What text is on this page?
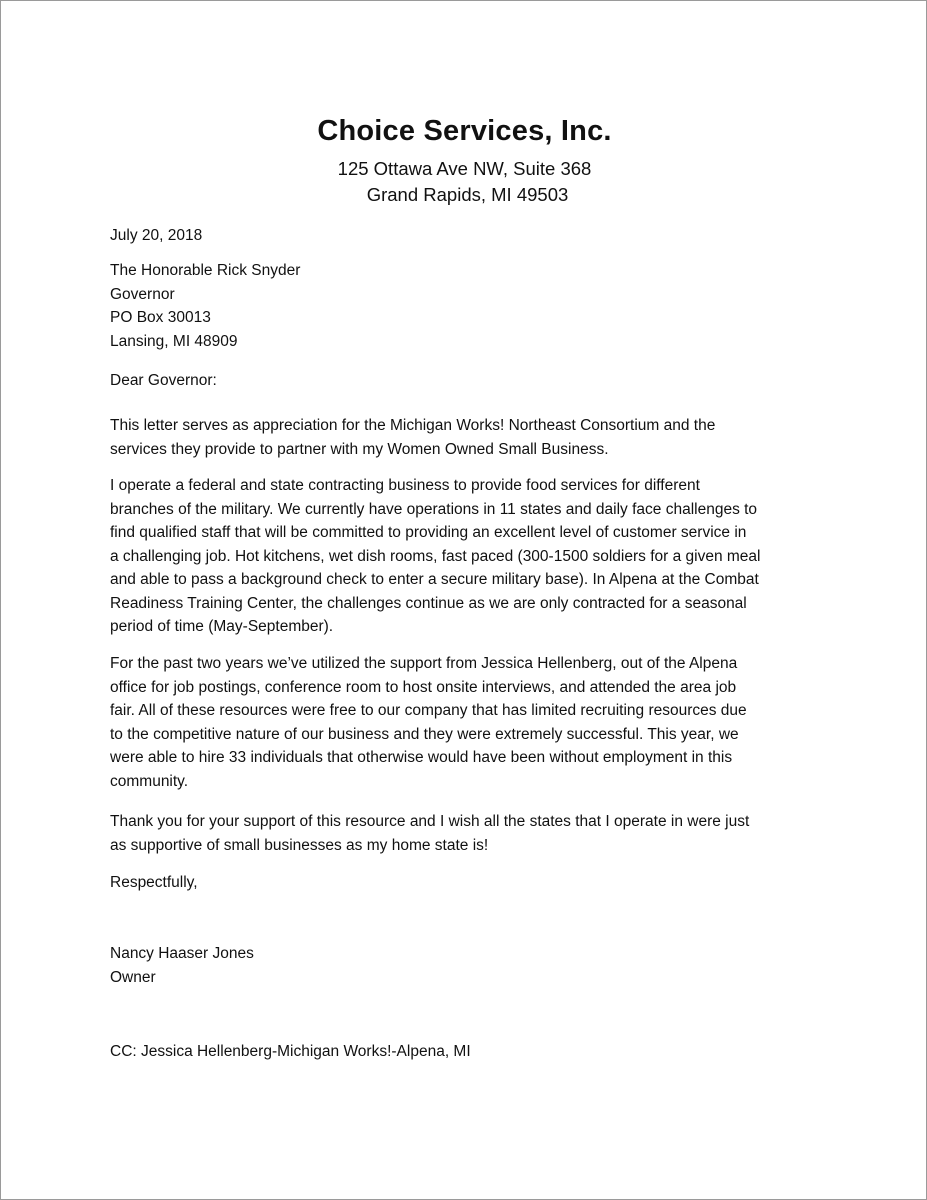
Choice Services, Inc.
125 Ottawa Ave NW, Suite 368
Grand Rapids, MI 49503
July 20, 2018
The Honorable Rick Snyder
Governor
PO Box 30013
Lansing, MI 48909
Dear Governor:
This letter serves as appreciation for the Michigan Works! Northeast Consortium and the
services they provide to partner with my Women Owned Small Business.
I operate a federal and state contracting business to provide food services for different
branches of the military. We currently have operations in 11 states and daily face challenges to
find qualified staff that will be committed to providing an excellent level of customer service in
a challenging job. Hot kitchens, wet dish rooms, fast paced (300-1500 soldiers for a given meal
and able to pass a background check to enter a secure military base). In Alpena at the Combat
Readiness Training Center, the challenges continue as we are only contracted for a seasonal
period of time (May-September).
For the past two years we’ve utilized the support from Jessica Hellenberg, out of the Alpena
office for job postings, conference room to host onsite interviews, and attended the area job
fair. All of these resources were free to our company that has limited recruiting resources due
to the competitive nature of our business and they were extremely successful. This year, we
were able to hire 33 individuals that otherwise would have been without employment in this
community.
Thank you for your support of this resource and I wish all the states that I operate in were just
as supportive of small businesses as my home state is!
Respectfully,
Nancy Haaser Jones
Owner
CC: Jessica Hellenberg-Michigan Works!-Alpena, MI
